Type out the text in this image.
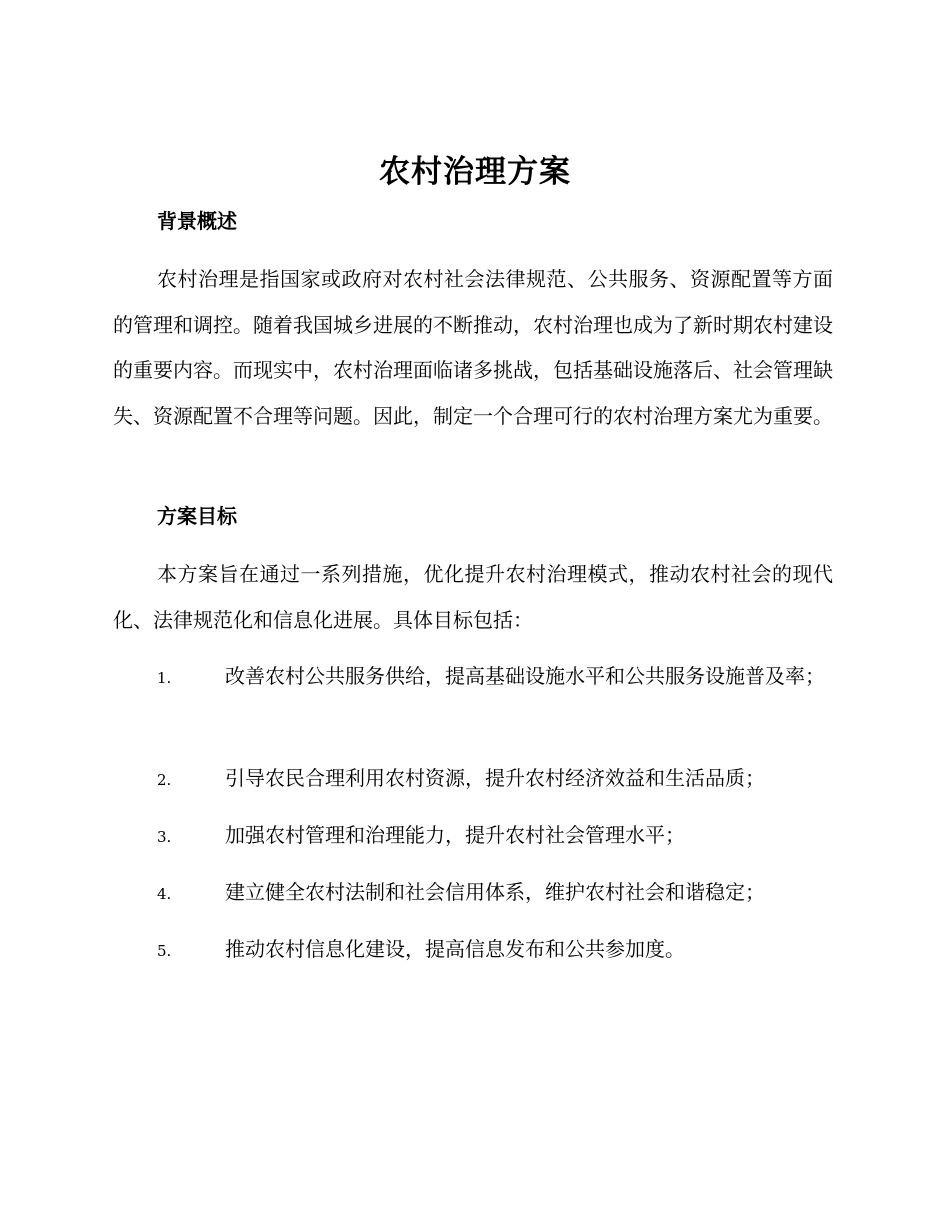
农村治理方案
背景概述

农村治理是指国家或政府对农村社会法律规范、公共服务、资源配置等方面的管理和调控。随着我国城乡进展的不断推动，农村治理也成为了新时期农村建设的重要内容。而现实中，农村治理面临诸多挑战，包括基础设施落后、社会管理缺失、资源配置不合理等问题。因此，制定一个合理可行的农村治理方案尤为重要。

方案目标

本方案旨在通过一系列措施，优化提升农村治理模式，推动农村社会的现代化、法律规范化和信息化进展。具体目标包括：

1.	改善农村公共服务供给，提高基础设施水平和公共服务设施普及率；

2.	引导农民合理利用农村资源，提升农村经济效益和生活品质；

3.	加强农村管理和治理能力，提升农村社会管理水平；

4.	建立健全农村法制和社会信用体系，维护农村社会和谐稳定；

5.	推动农村信息化建设，提高信息发布和公共参加度。
